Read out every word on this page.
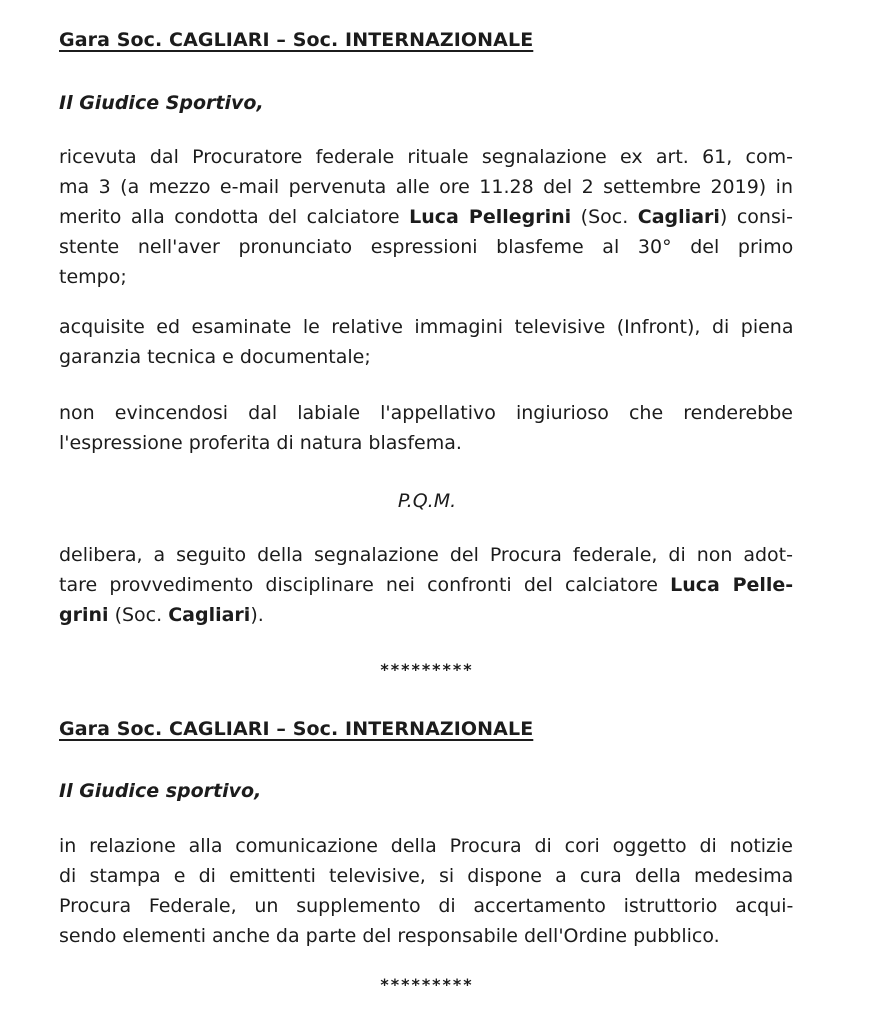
Gara Soc. CAGLIARI – Soc. INTERNAZIONALE
Il Giudice Sportivo,
ricevuta dal Procuratore federale rituale segnalazione ex art. 61, com-
ma 3 (a mezzo e-mail pervenuta alle ore 11.28 del 2 settembre 2019) in
merito alla condotta del calciatore Luca Pellegrini (Soc. Cagliari) consi-
stente nell'aver pronunciato espressioni blasfeme al 30° del primo
tempo;
acquisite ed esaminate le relative immagini televisive (Infront), di piena
garanzia tecnica e documentale;
non evincendosi dal labiale l'appellativo ingiurioso che renderebbe
l'espressione proferita di natura blasfema.
P.Q.M.
delibera, a seguito della segnalazione del Procura federale, di non adot-
tare provvedimento disciplinare nei confronti del calciatore Luca Pelle-
grini (Soc. Cagliari).
*********
Gara Soc. CAGLIARI – Soc. INTERNAZIONALE
Il Giudice sportivo,
in relazione alla comunicazione della Procura di cori oggetto di notizie
di stampa e di emittenti televisive, si dispone a cura della medesima
Procura Federale, un supplemento di accertamento istruttorio acqui-
sendo elementi anche da parte del responsabile dell'Ordine pubblico.
*********
